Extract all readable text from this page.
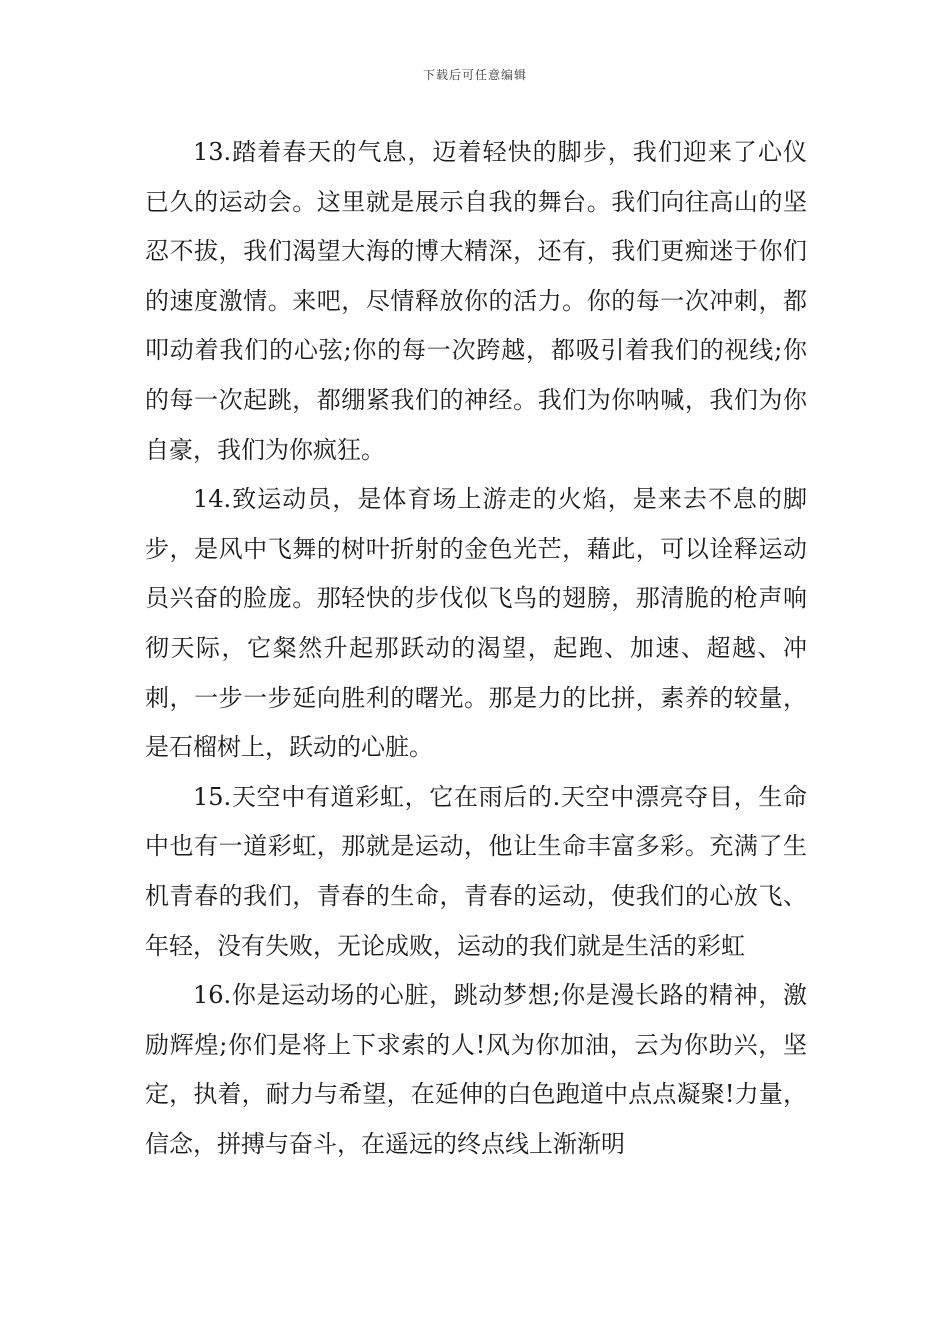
下载后可任意编辑

13.踏着春天的气息，迈着轻快的脚步，我们迎来了心仪已久的运动会。这里就是展示自我的舞台。我们向往高山的坚忍不拔，我们渴望大海的博大精深，还有，我们更痴迷于你们的速度激情。来吧，尽情释放你的活力。你的每一次冲刺，都叩动着我们的心弦;你的每一次跨越，都吸引着我们的视线;你的每一次起跳，都绷紧我们的神经。我们为你呐喊，我们为你自豪，我们为你疯狂。

14.致运动员，是体育场上游走的火焰，是来去不息的脚步，是风中飞舞的树叶折射的金色光芒，藉此，可以诠释运动员兴奋的脸庞。那轻快的步伐似飞鸟的翅膀，那清脆的枪声响彻天际，它粲然升起那跃动的渴望，起跑、加速、超越、冲刺，一步一步延向胜利的曙光。那是力的比拼，素养的较量，是石榴树上，跃动的心脏。

15.天空中有道彩虹，它在雨后的.天空中漂亮夺目，生命中也有一道彩虹，那就是运动，他让生命丰富多彩。充满了生机青春的我们，青春的生命，青春的运动，使我们的心放飞、年轻，没有失败，无论成败，运动的我们就是生活的彩虹

16.你是运动场的心脏，跳动梦想;你是漫长路的精神，激励辉煌;你们是将上下求索的人!风为你加油，云为你助兴，坚定，执着，耐力与希望，在延伸的白色跑道中点点凝聚!力量，信念，拼搏与奋斗，在遥远的终点线上渐渐明
